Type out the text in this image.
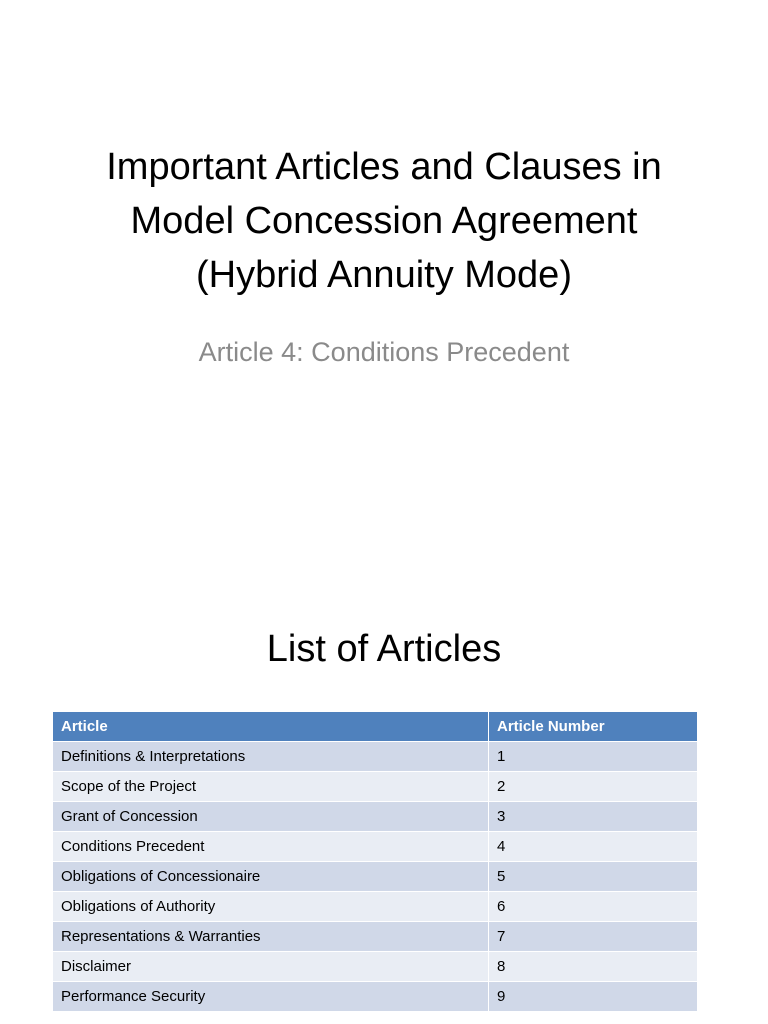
Important Articles and Clauses in
Model Concession Agreement
(Hybrid Annuity Mode)
Article 4: Conditions Precedent
List of Articles
Article	Article Number
Definitions & Interpretations	1
Scope of the Project	2
Grant of Concession	3
Conditions Precedent	4
Obligations of Concessionaire	5
Obligations of Authority	6
Representations & Warranties	7
Disclaimer	8
Performance Security	9
